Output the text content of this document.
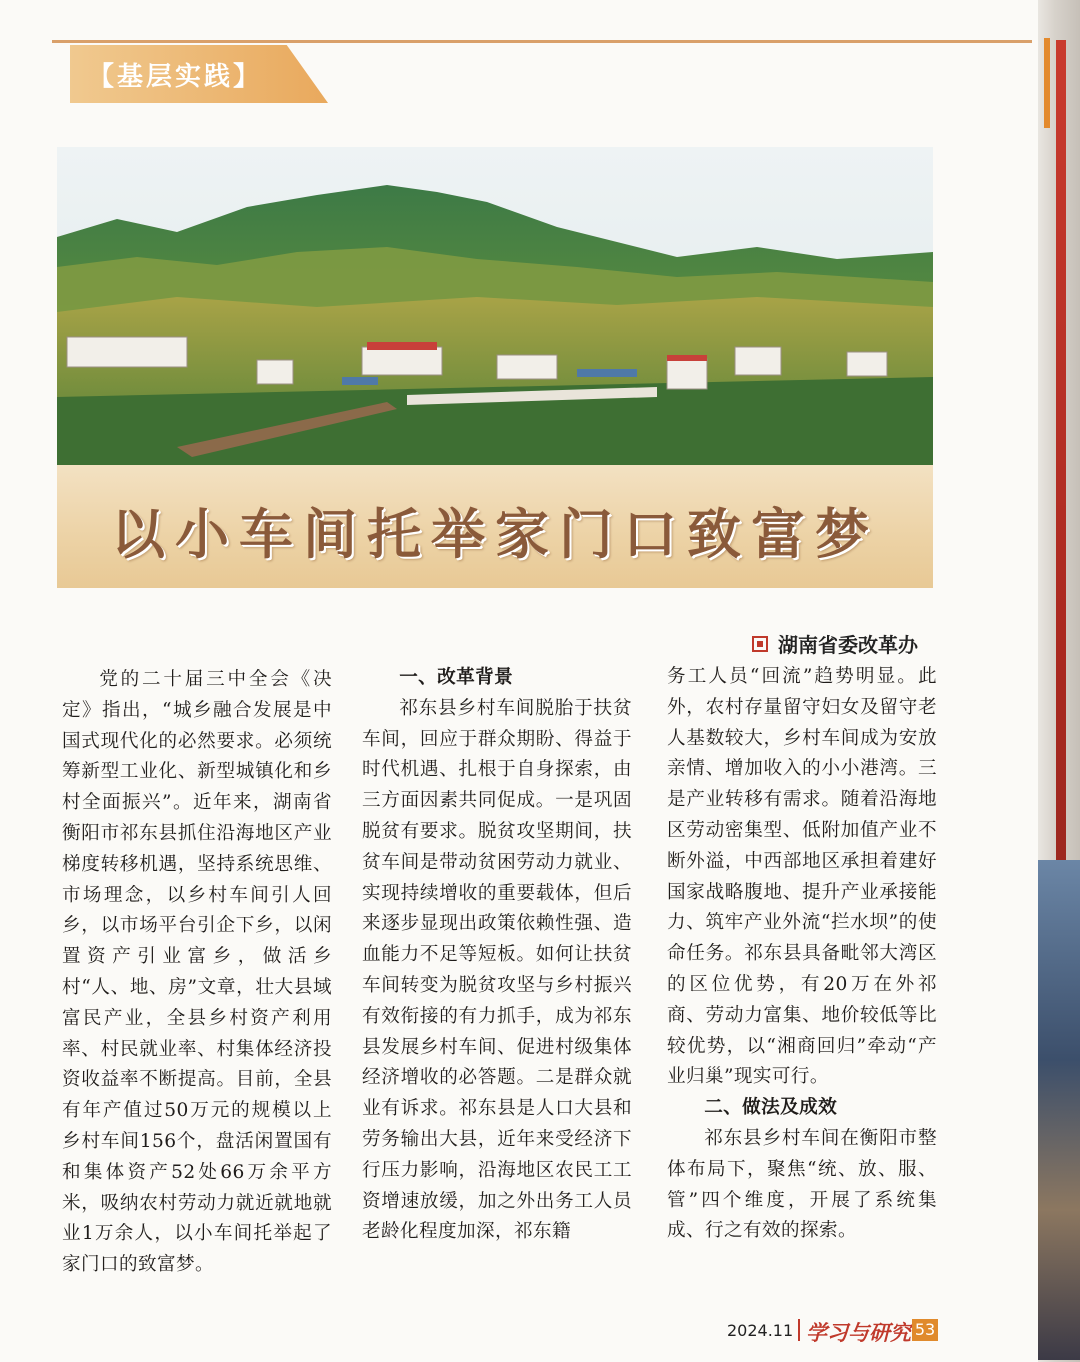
【基层实践】
以小车间托举家门口致富梦
湖南省委改革办

党的二十届三中全会《决定》指出，“城乡融合发展是中国式现代化的必然要求。必须统筹新型工业化、新型城镇化和乡村全面振兴”。近年来，湖南省衡阳市祁东县抓住沿海地区产业梯度转移机遇，坚持系统思维、市场理念，以乡村车间引人回乡，以市场平台引企下乡，以闲置资产引业富乡，做活乡村“人、地、房”文章，壮大县域富民产业，全县乡村资产利用率、村民就业率、村集体经济投资收益率不断提高。目前，全县有年产值过50万元的规模以上乡村车间156个，盘活闲置国有和集体资产52处66万余平方米，吸纳农村劳动力就近就地就业1万余人，以小车间托举起了家门口的致富梦。

一、改革背景

祁东县乡村车间脱胎于扶贫车间，回应于群众期盼、得益于时代机遇、扎根于自身探索，由三方面因素共同促成。一是巩固脱贫有要求。脱贫攻坚期间，扶贫车间是带动贫困劳动力就业、实现持续增收的重要载体，但后来逐步显现出政策依赖性强、造血能力不足等短板。如何让扶贫车间转变为脱贫攻坚与乡村振兴有效衔接的有力抓手，成为祁东县发展乡村车间、促进村级集体经济增收的必答题。二是群众就业有诉求。祁东县是人口大县和劳务输出大县，近年来受经济下行压力影响，沿海地区农民工工资增速放缓，加之外出务工人员老龄化程度加深，祁东籍

务工人员“回流”趋势明显。此外，农村存量留守妇女及留守老人基数较大，乡村车间成为安放亲情、增加收入的小小港湾。三是产业转移有需求。随着沿海地区劳动密集型、低附加值产业不断外溢，中西部地区承担着建好国家战略腹地、提升产业承接能力、筑牢产业外流“拦水坝”的使命任务。祁东县具备毗邻大湾区的区位优势，有20万在外祁商、劳动力富集、地价较低等比较优势，以“湘商回归”牵动“产业归巢”现实可行。

二、做法及成效

祁东县乡村车间在衡阳市整体布局下，聚焦“统、放、服、管”四个维度，开展了系统集成、行之有效的探索。

2024.11 学习与研究 53
